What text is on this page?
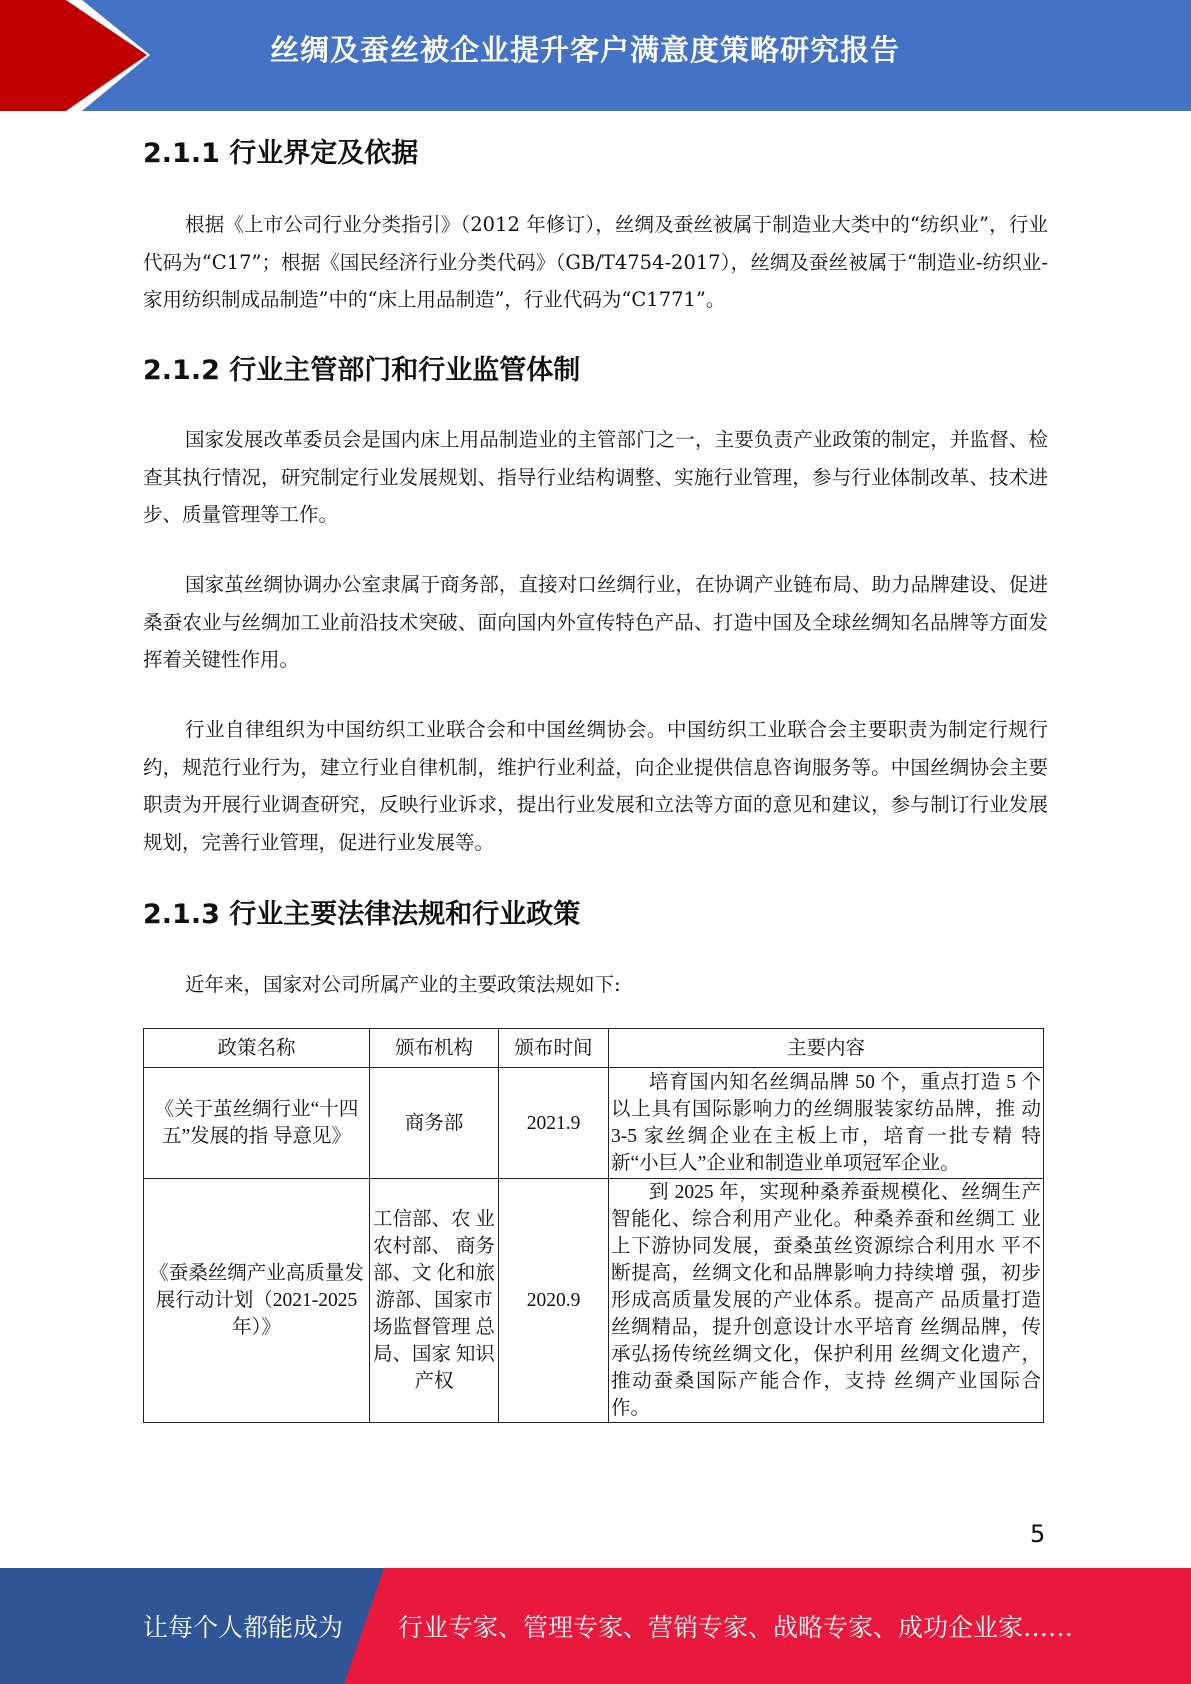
丝绸及蚕丝被企业提升客户满意度策略研究报告
2.1.1 行业界定及依据

根据《上市公司行业分类指引》（2012 年修订），丝绸及蚕丝被属于制造业大类中的“纺织业”，行业代码为“C17”；根据《国民经济行业分类代码》（GB/T4754-2017），丝绸及蚕丝被属于“制造业-纺织业-家用纺织制成品制造”中的“床上用品制造”，行业代码为“C1771”。

2.1.2 行业主管部门和行业监管体制

国家发展改革委员会是国内床上用品制造业的主管部门之一，主要负责产业政策的制定，并监督、检查其执行情况，研究制定行业发展规划、指导行业结构调整、实施行业管理，参与行业体制改革、技术进步、质量管理等工作。

国家茧丝绸协调办公室隶属于商务部，直接对口丝绸行业，在协调产业链布局、助力品牌建设、促进桑蚕农业与丝绸加工业前沿技术突破、面向国内外宣传特色产品、打造中国及全球丝绸知名品牌等方面发挥着关键性作用。

行业自律组织为中国纺织工业联合会和中国丝绸协会。中国纺织工业联合会主要职责为制定行规行约，规范行业行为，建立行业自律机制，维护行业利益，向企业提供信息咨询服务等。中国丝绸协会主要职责为开展行业调查研究，反映行业诉求，提出行业发展和立法等方面的意见和建议，参与制订行业发展规划，完善行业管理，促进行业发展等。

2.1.3 行业主要法律法规和行业政策

近年来，国家对公司所属产业的主要政策法规如下:

政策名称	颁布机构	颁布时间	主要内容
《关于茧丝绸行业“十四五”发展的指 导意见》	商务部	2021.9	培育国内知名丝绸品牌 50 个，重点打造 5 个以上具有国际影响力的丝绸服装家纺品牌，推 动3-5 家丝绸企业在主板上市，培育一批专精 特新“小巨人”企业和制造业单项冠军企业。
《蚕桑丝绸产业高质量发展行动计划（2021-2025 年）》	工信部、农 业农村部、 商务部、文 化和旅游部、国家市 场监督管理 总局、国家 知识产权	2020.9	到 2025 年，实现种桑养蚕规模化、丝绸生产智能化、综合利用产业化。种桑养蚕和丝绸工 业上下游协同发展，蚕桑茧丝资源综合利用水 平不断提高，丝绸文化和品牌影响力持续增 强，初步形成高质量发展的产业体系。提高产 品质量打造丝绸精品，提升创意设计水平培育 丝绸品牌，传承弘扬传统丝绸文化，保护利用 丝绸文化遗产，推动蚕桑国际产能合作，支持 丝绸产业国际合作。
5
让每个人都能成为 行业专家、管理专家、营销专家、战略专家、成功企业家……
